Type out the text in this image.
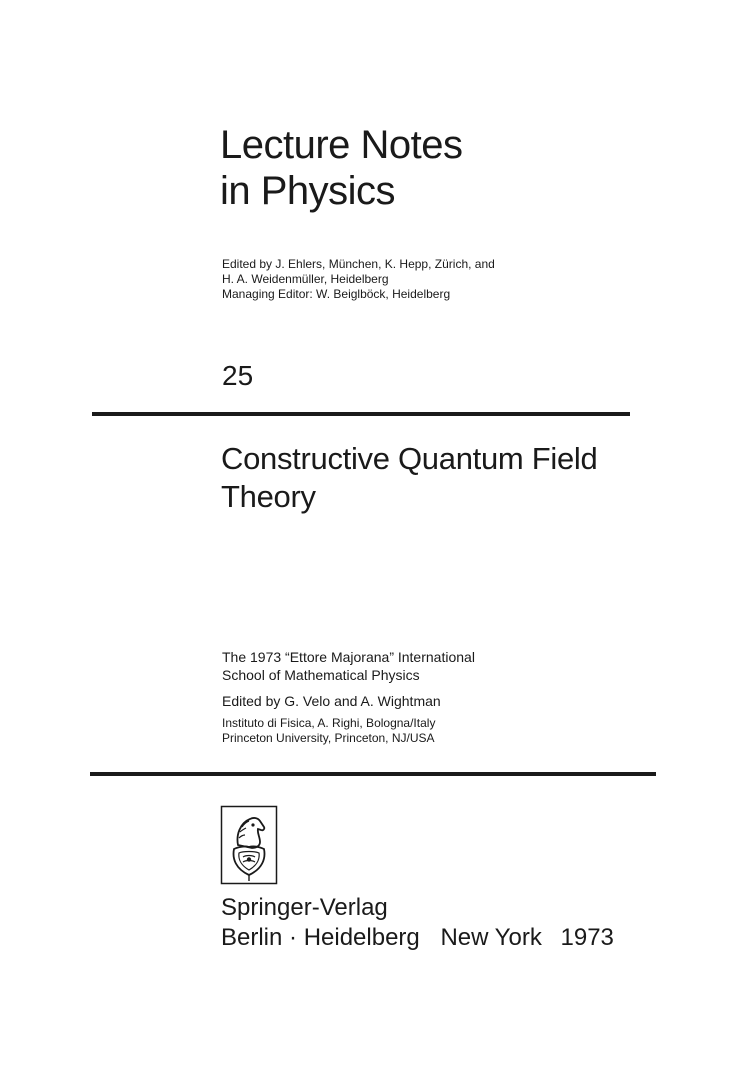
Lecture Notes
in Physics
Edited by J. Ehlers, München, K. Hepp, Zürich, and
H. A. Weidenmüller, Heidelberg
Managing Editor: W. Beiglböck, Heidelberg
25
Constructive Quantum Field
Theory
The 1973 “Ettore Majorana” International
School of Mathematical Physics
Edited by G. Velo and A. Wightman
Instituto di Fisica, A. Righi, Bologna/Italy
Princeton University, Princeton, NJ/USA
Springer-Verlag
Berlin · Heidelberg New York 1973
